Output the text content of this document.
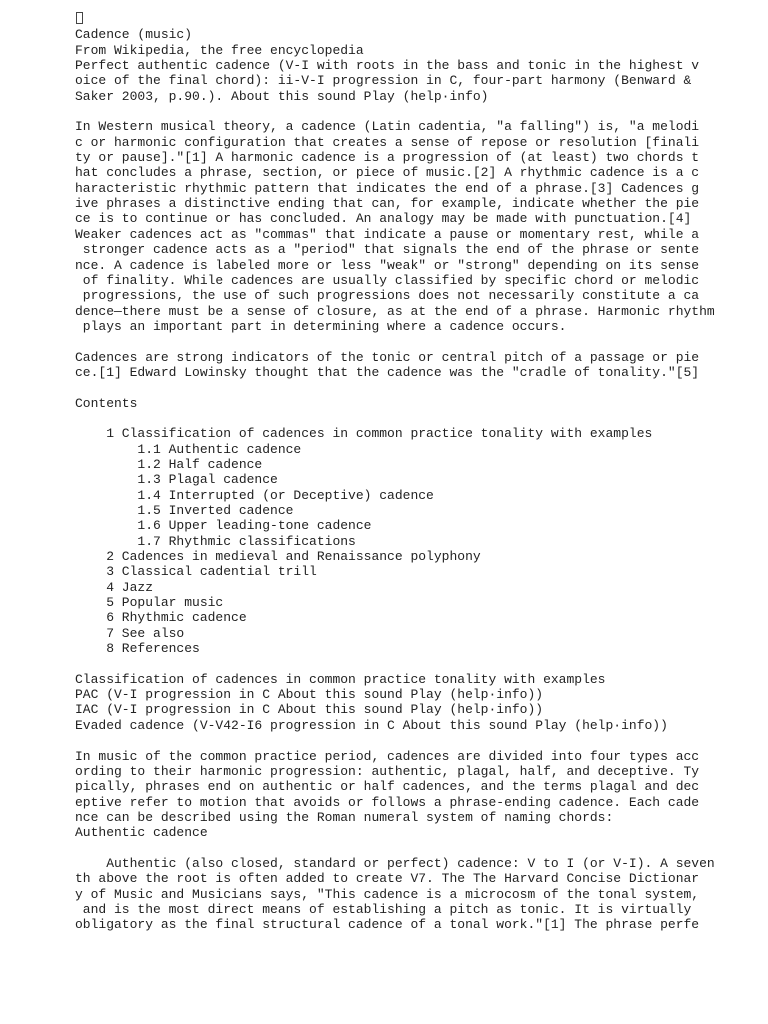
Cadence (music)
From Wikipedia, the free encyclopedia
Perfect authentic cadence (V-I with roots in the bass and tonic in the highest v
oice of the final chord): ii-V-I progression in C, four-part harmony (Benward &
Saker 2003, p.90.). About this sound Play (help·info)
In Western musical theory, a cadence (Latin cadentia, "a falling") is, "a melodi
c or harmonic configuration that creates a sense of repose or resolution [finali
ty or pause]."[1] A harmonic cadence is a progression of (at least) two chords t
hat concludes a phrase, section, or piece of music.[2] A rhythmic cadence is a c
haracteristic rhythmic pattern that indicates the end of a phrase.[3] Cadences g
ive phrases a distinctive ending that can, for example, indicate whether the pie
ce is to continue or has concluded. An analogy may be made with punctuation.[4]
Weaker cadences act as "commas" that indicate a pause or momentary rest, while a
stronger cadence acts as a "period" that signals the end of the phrase or sente
nce. A cadence is labeled more or less "weak" or "strong" depending on its sense
of finality. While cadences are usually classified by specific chord or melodic
progressions, the use of such progressions does not necessarily constitute a ca
dence—there must be a sense of closure, as at the end of a phrase. Harmonic rhythm
plays an important part in determining where a cadence occurs.
Cadences are strong indicators of the tonic or central pitch of a passage or pie
ce.[1] Edward Lowinsky thought that the cadence was the "cradle of tonality."[5]
Contents
1 Classification of cadences in common practice tonality with examples
1.1 Authentic cadence
1.2 Half cadence
1.3 Plagal cadence
1.4 Interrupted (or Deceptive) cadence
1.5 Inverted cadence
1.6 Upper leading-tone cadence
1.7 Rhythmic classifications
2 Cadences in medieval and Renaissance polyphony
3 Classical cadential trill
4 Jazz
5 Popular music
6 Rhythmic cadence
7 See also
8 References
Classification of cadences in common practice tonality with examples
PAC (V-I progression in C About this sound Play (help·info))
IAC (V-I progression in C About this sound Play (help·info))
Evaded cadence (V-V42-I6 progression in C About this sound Play (help·info))
In music of the common practice period, cadences are divided into four types acc
ording to their harmonic progression: authentic, plagal, half, and deceptive. Ty
pically, phrases end on authentic or half cadences, and the terms plagal and dec
eptive refer to motion that avoids or follows a phrase-ending cadence. Each cade
nce can be described using the Roman numeral system of naming chords:
Authentic cadence
Authentic (also closed, standard or perfect) cadence: V to I (or V-I). A seven
th above the root is often added to create V7. The The Harvard Concise Dictionar
y of Music and Musicians says, "This cadence is a microcosm of the tonal system,
and is the most direct means of establishing a pitch as tonic. It is virtually
obligatory as the final structural cadence of a tonal work."[1] The phrase perfe
